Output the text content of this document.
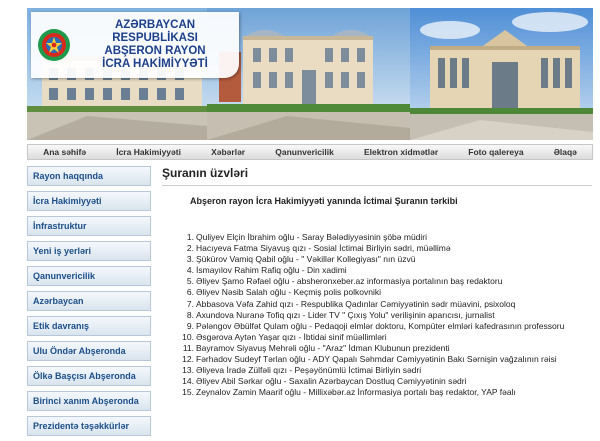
AZƏRBAYCAN RESPUBLİKASI
ABŞERON RAYON
İCRA HAKİMİYYƏTİ
Ana səhifə	İcra Hakimiyyəti	Xəbərlər	Qanunvericilik	Elektron xidmətlər	Foto qalereya	Əlaqə
Rayon haqqında
İcra Hakimiyyəti
İnfrastruktur
Yeni iş yerləri
Qanunvericilik
Azərbaycan
Etik davranış
Ulu Öndər Abşeronda
Ölkə Başçısı Abşeronda
Birinci xanım Abşeronda
Prezidentə təşəkkürlər
Şuranın üzvləri

Abşeron rayon İcra Hakimiyyəti yanında İctimai Şuranın tərkibi

1. Quliyev Elçin İbrahim oğlu - Saray Bələdiyyəsinin şöbə müdiri
2. Hacıyeva Fatma Siyavuş qızı - Sosial İctimai Birliyin sədri, müəllimə
3. Şükürov Vamiq Qabil oğlu - " Vəkillər Kollegiyası" nın üzvü
4. İsmayılov Rahim Rafiq oğlu - Din xadimi
5. Əliyev Şamo Rəfael oğlu - absheronxeber.az informasiya portalının baş redaktoru
6. Əliyev Nəsib Salah oğlu - Keçmiş polis polkovniki
7. Abbasova Vəfa Zahid qızı - Respublika Qadınlar Cəmiyyətinin sədr müavini, psixoloq
8. Axundova Nuranə Tofiq qızı - Lider TV " Çıxış Yolu" verilişinin aparıcısı, jurnalist
9. Pələngov Əbülfət Qulam oğlu - Pedaqoji elmlər doktoru, Kompüter elmləri kafedrasının professoru
10. Əsgərova Aytən Yaşar qızı - İbtidai sinif müəllimləri
11. Bayramov Siyavuş Mehrəli oğlu - "Araz" İdman Klubunun prezidenti
12. Fərhadov Sudeyf Tərlan oğlu - ADY Qapalı Səhmdar Cəmiyyətinin Bakı Sərnişin vağzalının rəisi
13. Əliyeva İradə Zülfəli qızı - Peşəyönümlü İctimai Birliyin sədri
14. Əliyev Abil Sərkar oğlu - Saxalin Azərbaycan Dostluq Cəmiyyətinin sədri
15. Zeynalov Zamin Maarif oğlu - Millixəbər.az İnformasiya portalı baş redaktor, YAP fəalı
